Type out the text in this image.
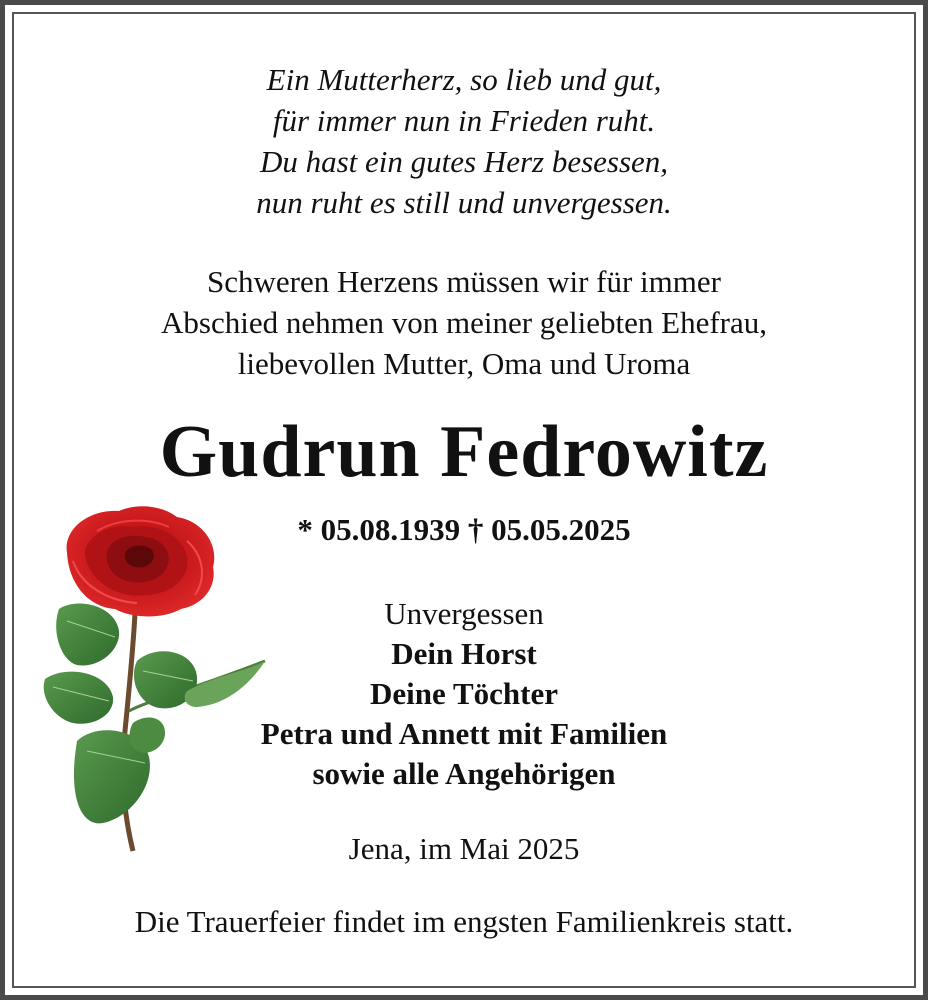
Ein Mutterherz, so lieb und gut,
für immer nun in Frieden ruht.
Du hast ein gutes Herz besessen,
nun ruht es still und unvergessen.
Schweren Herzens müssen wir für immer
Abschied nehmen von meiner geliebten Ehefrau,
liebevollen Mutter, Oma und Uroma
Gudrun Fedrowitz
* 05.08.1939 † 05.05.2025
Unvergessen
Dein Horst
Deine Töchter
Petra und Annett mit Familien
sowie alle Angehörigen
Jena, im Mai 2025
Die Trauerfeier findet im engsten Familienkreis statt.
